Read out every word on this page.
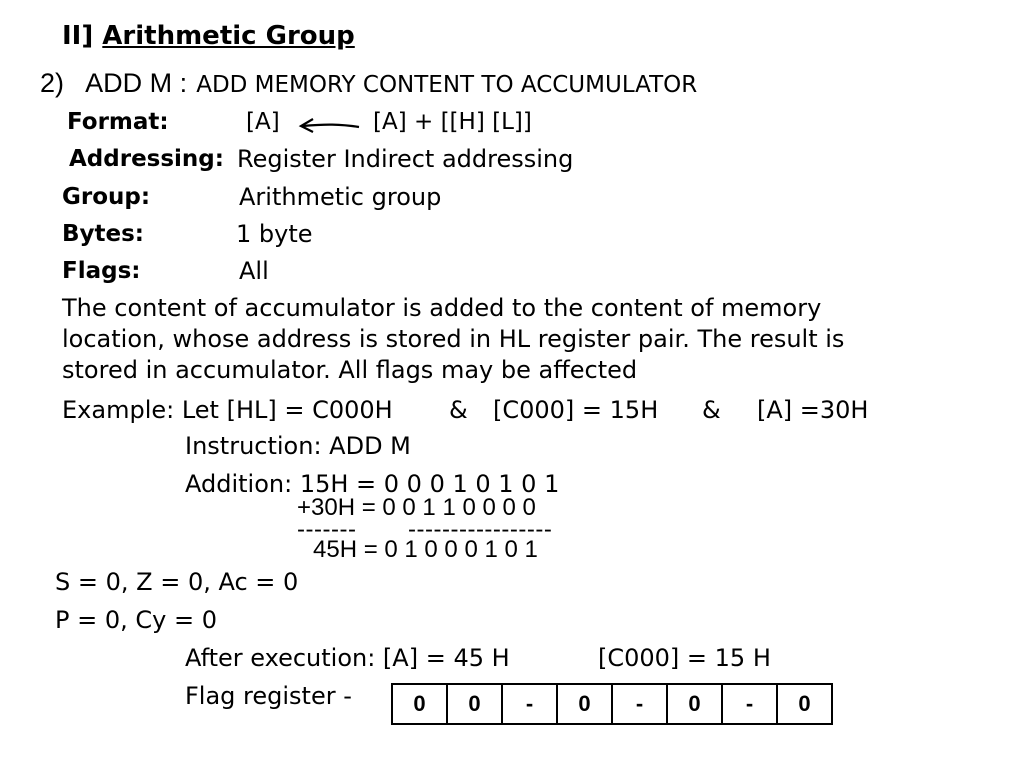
II] Arithmetic Group
2) ADD M : ADD MEMORY CONTENT TO ACCUMULATOR
Format:	[A]	[A] + [[H] [L]]
Addressing: Register Indirect addressing
Group:	Arithmetic group
Bytes:	1 byte
Flags:	All
The content of accumulator is added to the content of memory
location, whose address is stored in HL register pair. The result is
stored in accumulator. All flags may be affected
Example: Let [HL] = C000H & [C000] = 15H & [A] =30H
Instruction: ADD M
Addition: 15H = 0 0 0 1 0 1 0 1
+30H = 0 0 1 1 0 0 0 0
------- -----------------
45H = 0 1 0 0 0 1 0 1
S = 0, Z = 0, Ac = 0
P = 0, Cy = 0
After execution: [A] = 45 H	[C000] = 15 H
Flag register -	0	0	-	0	-	0	-	0
